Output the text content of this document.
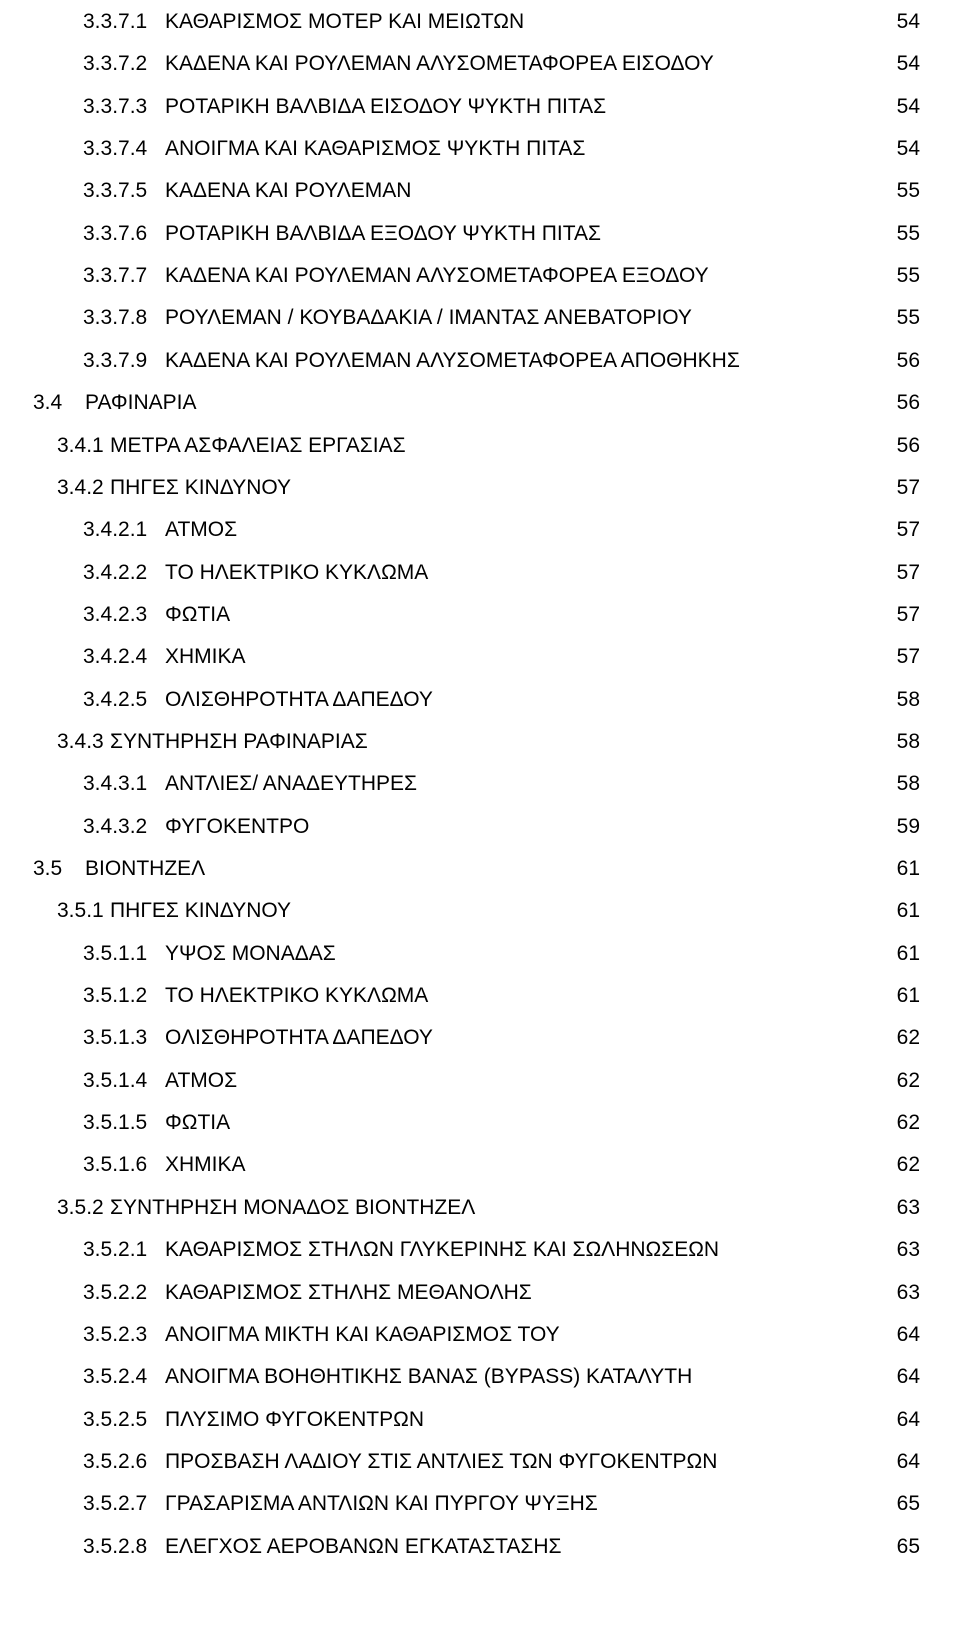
3.3.7.1 ΚΑΘΑΡΙΣΜΟΣ ΜΟΤΕΡ ΚΑΙ ΜΕΙΩΤΩΝ	54
3.3.7.2 ΚΑΔΕΝΑ ΚΑΙ ΡΟΥΛΕΜΑΝ ΑΛΥΣΟΜΕΤΑΦΟΡΕΑ ΕΙΣΟΔΟΥ	54
3.3.7.3 ΡΟΤΑΡΙΚΗ ΒΑΛΒΙΔΑ ΕΙΣΟΔΟΥ ΨΥΚΤΗ ΠΙΤΑΣ	54
3.3.7.4 ΑΝΟΙΓΜΑ ΚΑΙ ΚΑΘΑΡΙΣΜΟΣ ΨΥΚΤΗ ΠΙΤΑΣ	54
3.3.7.5 ΚΑΔΕΝΑ ΚΑΙ ΡΟΥΛΕΜΑΝ	55
3.3.7.6 ΡΟΤΑΡΙΚΗ ΒΑΛΒΙΔΑ ΕΞΟΔΟΥ ΨΥΚΤΗ ΠΙΤΑΣ	55
3.3.7.7 ΚΑΔΕΝΑ ΚΑΙ ΡΟΥΛΕΜΑΝ ΑΛΥΣΟΜΕΤΑΦΟΡΕΑ ΕΞΟΔΟΥ	55
3.3.7.8 ΡΟΥΛΕΜΑΝ / ΚΟΥΒΑΔΑΚΙΑ / ΙΜΑΝΤΑΣ ΑΝΕΒΑΤΟΡΙΟΥ	55
3.3.7.9 ΚΑΔΕΝΑ ΚΑΙ ΡΟΥΛΕΜΑΝ ΑΛΥΣΟΜΕΤΑΦΟΡΕΑ ΑΠΟΘΗΚΗΣ	56
3.4	ΡΑΦΙΝΑΡΙΑ	56
3.4.1 ΜΕΤΡΑ ΑΣΦΑΛΕΙΑΣ ΕΡΓΑΣΙΑΣ	56
3.4.2 ΠΗΓΕΣ ΚΙΝΔΥΝΟΥ	57
3.4.2.1 ΑΤΜΟΣ	57
3.4.2.2 ΤΟ ΗΛΕΚΤΡΙΚΟ ΚΥΚΛΩΜΑ	57
3.4.2.3 ΦΩΤΙΑ	57
3.4.2.4 ΧΗΜΙΚΑ	57
3.4.2.5 ΟΛΙΣΘΗΡΟΤΗΤΑ ΔΑΠΕΔΟΥ	58
3.4.3 ΣΥΝΤΗΡΗΣΗ ΡΑΦΙΝΑΡΙΑΣ	58
3.4.3.1 ΑΝΤΛΙΕΣ/ ΑΝΑΔΕΥΤΗΡΕΣ	58
3.4.3.2 ΦΥΓΟΚΕΝΤΡΟ	59
3.5	ΒΙΟΝΤΗΖΕΛ	61
3.5.1 ΠΗΓΕΣ ΚΙΝΔΥΝΟΥ	61
3.5.1.1 ΥΨΟΣ ΜΟΝΑΔΑΣ	61
3.5.1.2 ΤΟ ΗΛΕΚΤΡΙΚΟ ΚΥΚΛΩΜΑ	61
3.5.1.3 ΟΛΙΣΘΗΡΟΤΗΤΑ ΔΑΠΕΔΟΥ	62
3.5.1.4 ΑΤΜΟΣ	62
3.5.1.5 ΦΩΤΙΑ	62
3.5.1.6 ΧΗΜΙΚΑ	62
3.5.2 ΣΥΝΤΗΡΗΣΗ ΜΟΝΑΔΟΣ ΒΙΟΝΤΗΖΕΛ	63
3.5.2.1 ΚΑΘΑΡΙΣΜΟΣ ΣΤΗΛΩΝ ΓΛΥΚΕΡΙΝΗΣ ΚΑΙ ΣΩΛΗΝΩΣΕΩΝ	63
3.5.2.2 ΚΑΘΑΡΙΣΜΟΣ ΣΤΗΛΗΣ ΜΕΘΑΝΟΛΗΣ	63
3.5.2.3 ΑΝΟΙΓΜΑ ΜΙΚΤΗ ΚΑΙ ΚΑΘΑΡΙΣΜΟΣ ΤΟΥ	64
3.5.2.4 ΑΝΟΙΓΜΑ ΒΟΗΘΗΤΙΚΗΣ ΒΑΝΑΣ (BYPASS) ΚΑΤΑΛΥΤΗ	64
3.5.2.5 ΠΛΥΣΙΜΟ ΦΥΓΟΚΕΝΤΡΩΝ	64
3.5.2.6 ΠΡΟΣΒΑΣΗ ΛΑΔΙΟΥ ΣΤΙΣ ΑΝΤΛΙΕΣ ΤΩΝ ΦΥΓΟΚΕΝΤΡΩΝ	64
3.5.2.7 ΓΡΑΣΑΡΙΣΜΑ ΑΝΤΛΙΩΝ ΚΑΙ ΠΥΡΓΟΥ ΨΥΞΗΣ	65
3.5.2.8 ΕΛΕΓΧΟΣ ΑΕΡΟΒΑΝΩΝ ΕΓΚΑΤΑΣΤΑΣΗΣ	65
